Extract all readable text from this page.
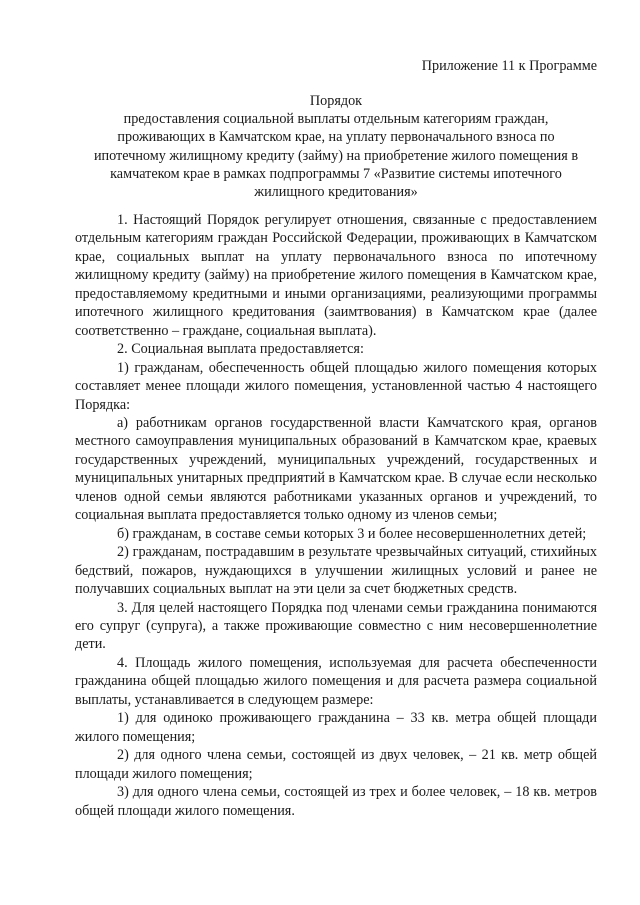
Приложение 11 к Программе
Порядок
предоставления социальной выплаты отдельным категориям граждан,
проживающих в Камчатском крае, на уплату первоначального взноса по
ипотечному жилищному кредиту (займу) на приобретение жилого помещения в
камчатеком крае в рамках подпрограммы 7 «Развитие системы ипотечного
жилищного кредитования»

1. Настоящий Порядок регулирует отношения, связанные с предоставлением отдельным категориям граждан Российской Федерации, проживающих в Камчатском крае, социальных выплат на уплату первоначального взноса по ипотечному жилищному кредиту (займу) на приобретение жилого помещения в Камчатском крае, предоставляемому кредитными и иными организациями, реализующими программы ипотечного жилищного кредитования (заимтвования) в Камчатском крае (далее соответственно – граждане, социальная выплата).

2. Социальная выплата предоставляется:

1) гражданам, обеспеченность общей площадью жилого помещения которых составляет менее площади жилого помещения, установленной частью 4 настоящего Порядка:

а) работникам органов государственной власти Камчатского края, органов местного самоуправления муниципальных образований в Камчатском крае, краевых государственных учреждений, муниципальных учреждений, государственных и муниципальных унитарных предприятий в Камчатском крае. В случае если несколько членов одной семьи являются работниками указанных органов и учреждений, то социальная выплата предоставляется только одному из членов семьи;

б) гражданам, в составе семьи которых 3 и более несовершеннолетних детей;

2) гражданам, пострадавшим в результате чрезвычайных ситуаций, стихийных бедствий, пожаров, нуждающихся в улучшении жилищных условий и ранее не получавших социальных выплат на эти цели за счет бюджетных средств.

3. Для целей настоящего Порядка под членами семьи гражданина понимаются его супруг (супруга), а также проживающие совместно с ним несовершеннолетние дети.

4. Площадь жилого помещения, используемая для расчета обеспеченности гражданина общей площадью жилого помещения и для расчета размера социальной выплаты, устанавливается в следующем размере:

1) для одиноко проживающего гражданина – 33 кв. метра общей площади жилого помещения;

2) для одного члена семьи, состоящей из двух человек, – 21 кв. метр общей площади жилого помещения;

3) для одного члена семьи, состоящей из трех и более человек, – 18 кв. метров общей площади жилого помещения.
